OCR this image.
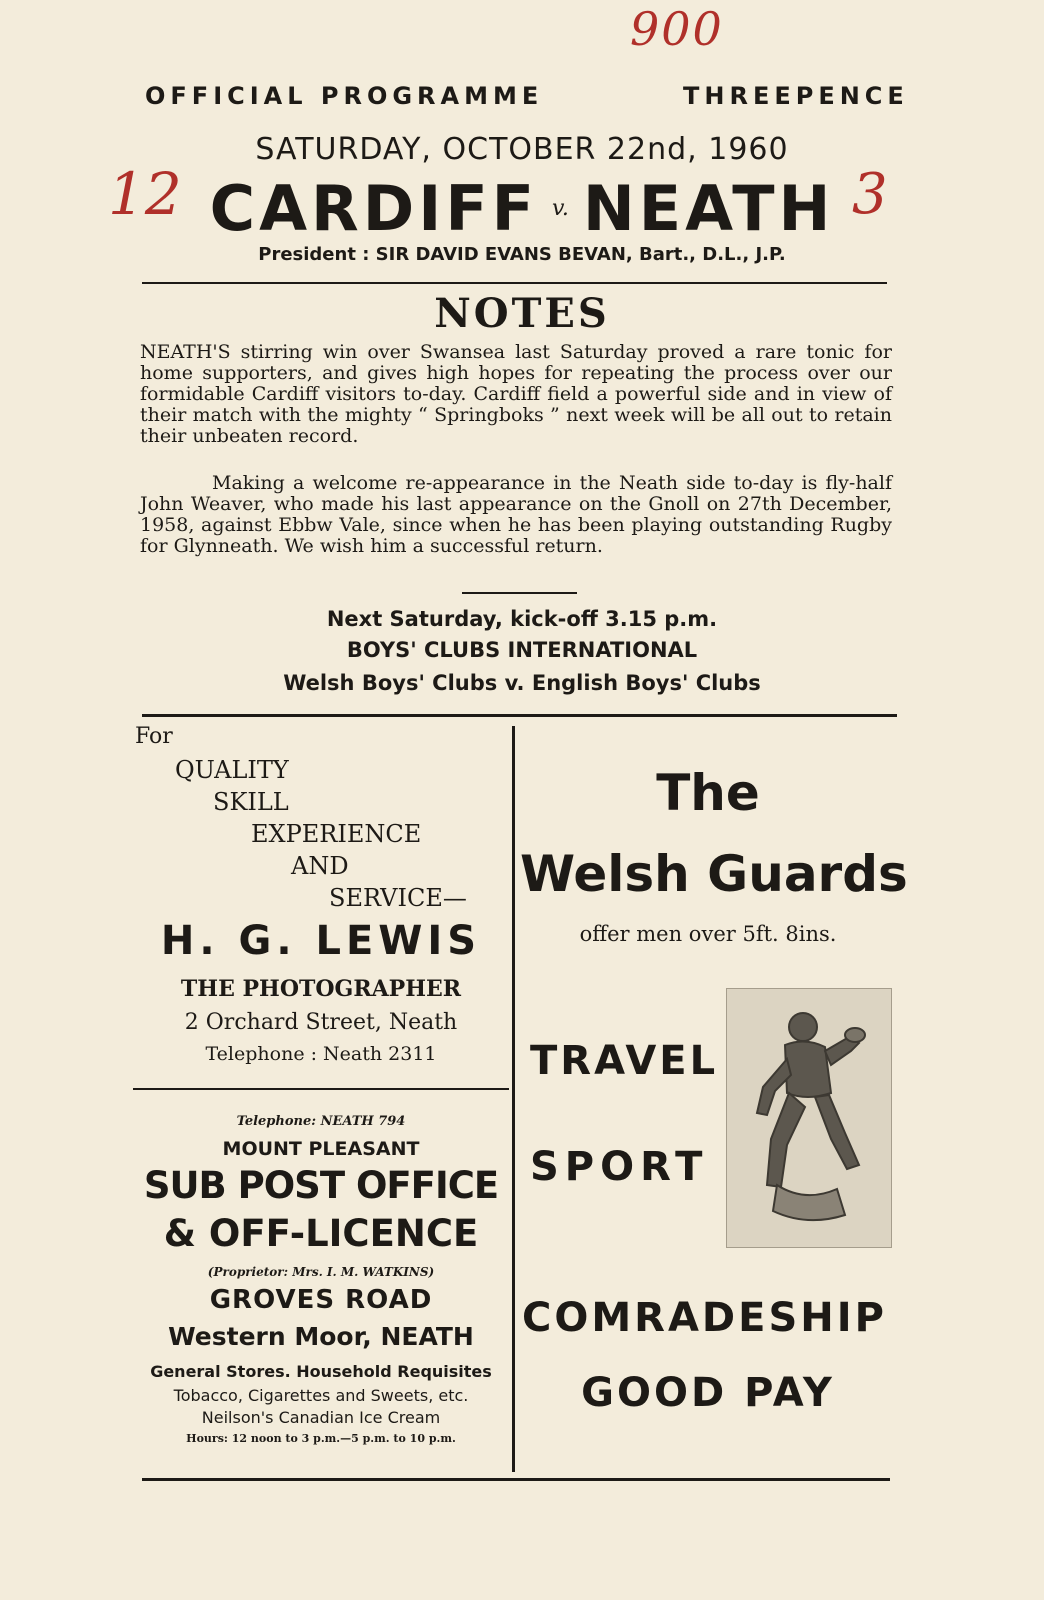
900
12	3
OFFICIAL PROGRAMME	THREEPENCE
SATURDAY, OCTOBER 22nd, 1960
CARDIFF v. NEATH
President : SIR DAVID EVANS BEVAN, Bart., D.L., J.P.
NOTES

NEATH'S stirring win over Swansea last Saturday proved a rare tonic for home supporters, and gives high hopes for repeating the process over our formidable Cardiff visitors to-day. Cardiff field a powerful side and in view of their match with the mighty “ Springboks ” next week will be all out to retain their unbeaten record.

Making a welcome re-appearance in the Neath side to-day is fly-half John Weaver, who made his last appearance on the Gnoll on 27th December, 1958, against Ebbw Vale, since when he has been playing outstanding Rugby for Glynneath. We wish him a successful return.

Next Saturday, kick-off 3.15 p.m.
BOYS' CLUBS INTERNATIONAL
Welsh Boys' Clubs v. English Boys' Clubs
For
QUALITY
SKILL
EXPERIENCE
AND
SERVICE—
H. G. LEWIS
THE PHOTOGRAPHER
2 Orchard Street, Neath
Telephone : Neath 2311
Telephone: NEATH 794
MOUNT PLEASANT
SUB POST OFFICE
& OFF-LICENCE
(Proprietor: Mrs. I. M. WATKINS)
GROVES ROAD
Western Moor, NEATH
General Stores. Household Requisites
Tobacco, Cigarettes and Sweets, etc.
Neilson's Canadian Ice Cream
Hours: 12 noon to 3 p.m.—5 p.m. to 10 p.m.
The
Welsh Guards
offer men over 5ft. 8ins.
TRAVEL
SPORT
COMRADESHIP
GOOD PAY
